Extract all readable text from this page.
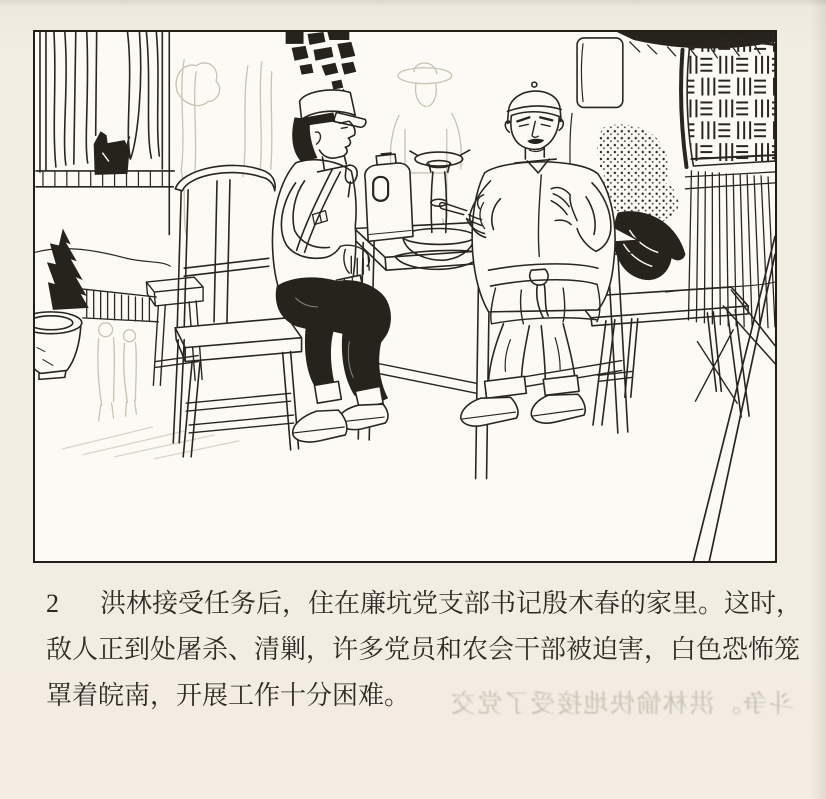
2 洪林接受任务后，住在廉坑党支部书记殷木春的家里。这时，
敌人正到处屠杀、清剿，许多党员和农会干部被迫害，白色恐怖笼
罩着皖南，开展工作十分困难。	斗争。洪林愉快地接受了党交
